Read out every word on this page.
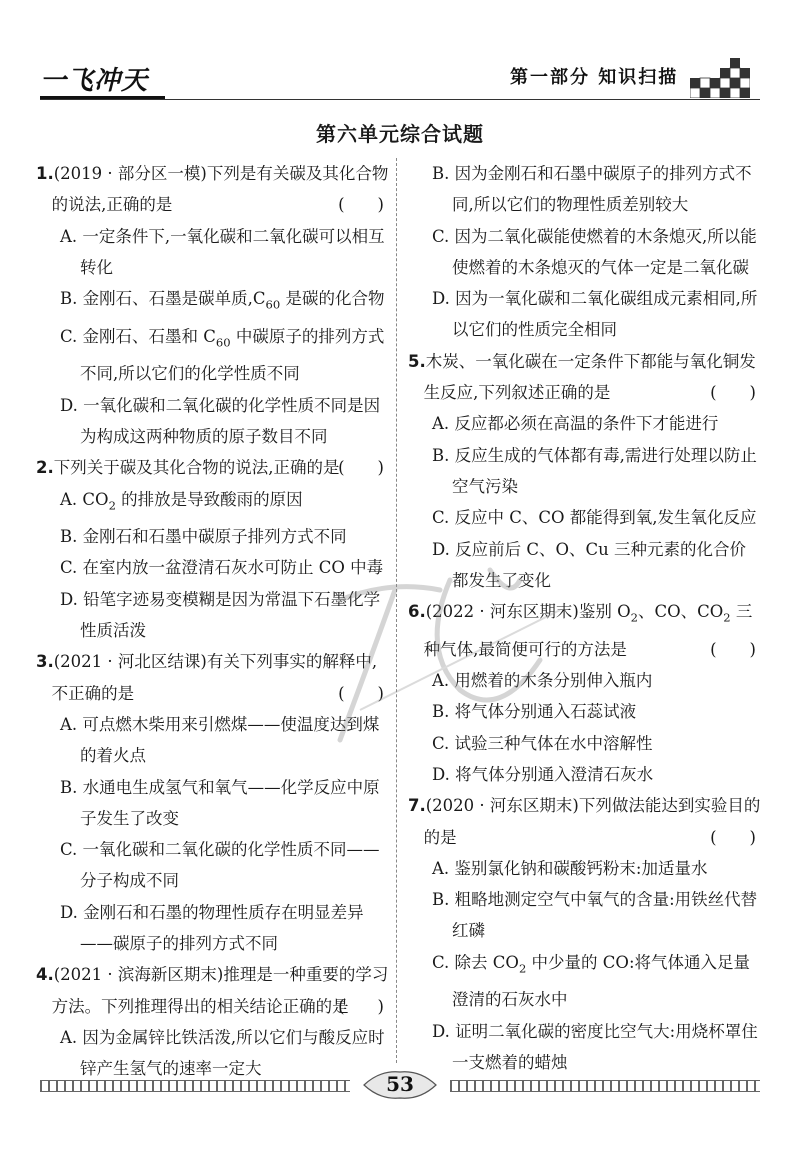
一飞冲天	第一部分 知识扫描
第六单元综合试题

1.(2019 · 部分区一模)下列是有关碳及其化合物的说法,正确的是	(　　)

A. 一定条件下,一氧化碳和二氧化碳可以相互转化

B. 金刚石、石墨是碳单质$,C_{60}$ 是碳的化合物

C. 金刚石、石墨和 $C_{60}$ 中碳原子的排列方式不同,所以它们的化学性质不同

D. 一氧化碳和二氧化碳的化学性质不同是因为构成这两种物质的原子数目不同

2.下列关于碳及其化合物的说法,正确的是
(　　)

A. $CO_2$ 的排放是导致酸雨的原因

B. 金刚石和石墨中碳原子排列方式不同

C. 在室内放一盆澄清石灰水可防止 CO 中毒

D. 铅笔字迹易变模糊是因为常温下石墨化学性质活泼

3.(2021 · 河北区结课)有关下列事实的解释中,不正确的是	(　　)

A. 可点燃木柴用来引燃煤——使温度达到煤的着火点

B. 水通电生成氢气和氧气——化学反应中原子发生了改变

C. 一氧化碳和二氧化碳的化学性质不同——分子构成不同

D. 金刚石和石墨的物理性质存在明显差异——碳原子的排列方式不同

4.(2021 · 滨海新区期末)推理是一种重要的学习方法。下列推理得出的相关结论正确的是
(　　)

A. 因为金属锌比铁活泼,所以它们与酸反应时锌产生氢气的速率一定大

B. 因为金刚石和石墨中碳原子的排列方式不同,所以它们的物理性质差别较大

C. 因为二氧化碳能使燃着的木条熄灭,所以能使燃着的木条熄灭的气体一定是二氧化碳

D. 因为一氧化碳和二氧化碳组成元素相同,所以它们的性质完全相同

5.木炭、一氧化碳在一定条件下都能与氧化铜发生反应,下列叙述正确的是	(　　)

A. 反应都必须在高温的条件下才能进行

B. 反应生成的气体都有毒,需进行处理以防止空气污染

C. 反应中 C、CO 都能得到氧,发生氧化反应

D. 反应前后 C、O、Cu 三种元素的化合价都发生了变化

6.(2022 · 河东区期末)鉴别 $O_2$、CO、$CO_2$ 三种气体,最简便可行的方法是	(　　)

A. 用燃着的木条分别伸入瓶内

B. 将气体分别通入石蕊试液

C. 试验三种气体在水中溶解性

D. 将气体分别通入澄清石灰水

7.(2020 · 河东区期末)下列做法能达到实验目的的是	(　　)

A. 鉴别氯化钠和碳酸钙粉末:加适量水

B. 粗略地测定空气中氧气的含量:用铁丝代替红磷

C. 除去 $CO_2$ 中少量的 CO:将气体通入足量澄清的石灰水中

D. 证明二氧化碳的密度比空气大:用烧杯罩住一支燃着的蜡烛

53
